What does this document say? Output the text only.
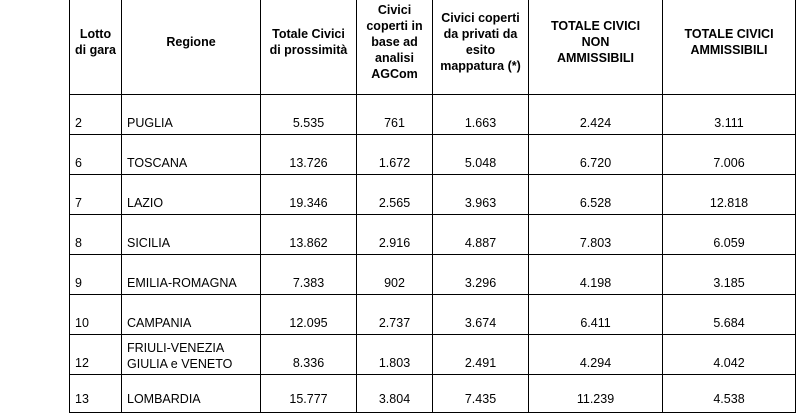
Lotto di gara	Regione	Totale Civici di prossimità	Civici coperti in base ad analisi AGCom	Civici coperti da privati da esito mappatura (*)	TOTALE CIVICI NON AMMISSIBILI	TOTALE CIVICI AMMISSIBILI
2	PUGLIA	5.535	761	1.663	2.424	3.111
6	TOSCANA	13.726	1.672	5.048	6.720	7.006
7	LAZIO	19.346	2.565	3.963	6.528	12.818
8	SICILIA	13.862	2.916	4.887	7.803	6.059
9	EMILIA-ROMAGNA	7.383	902	3.296	4.198	3.185
10	CAMPANIA	12.095	2.737	3.674	6.411	5.684
12	FRIULI-VENEZIA GIULIA e VENETO	8.336	1.803	2.491	4.294	4.042
13	LOMBARDIA	15.777	3.804	7.435	11.239	4.538
